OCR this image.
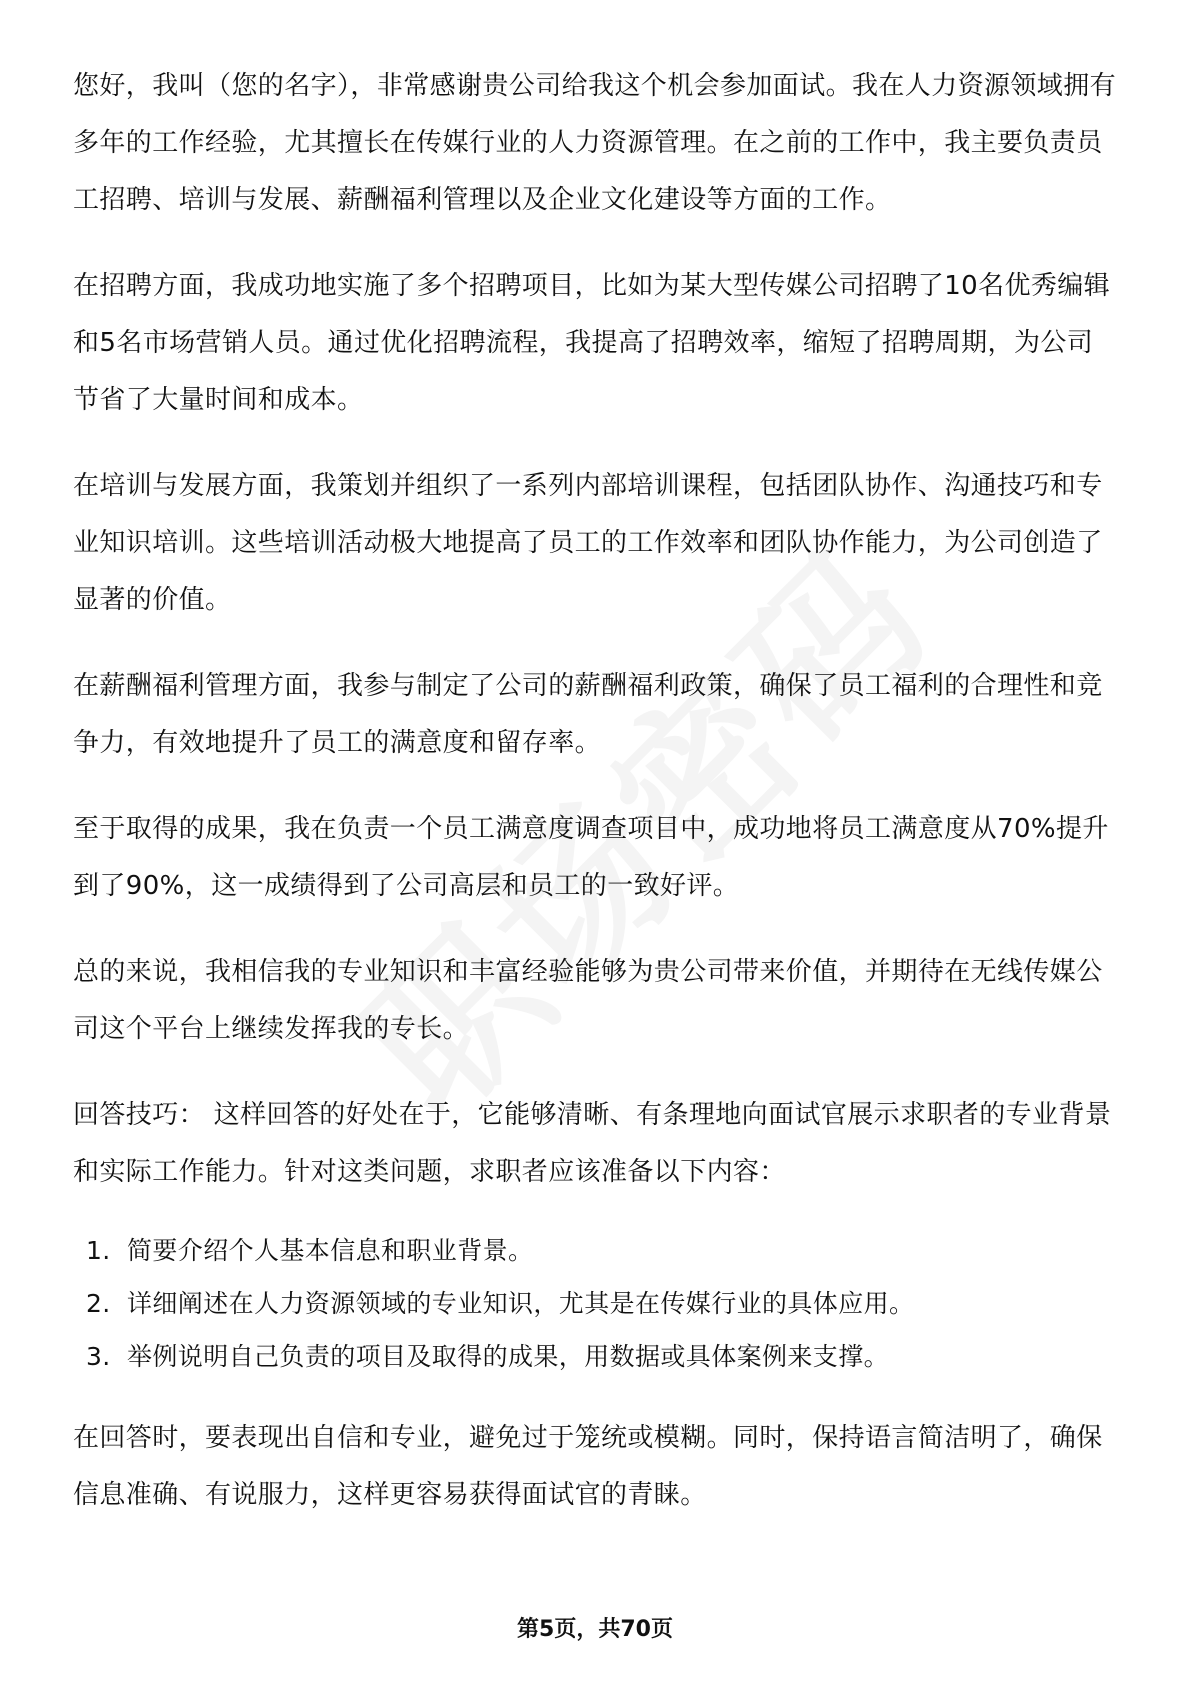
您好，我叫（您的名字），非常感谢贵公司给我这个机会参加面试。我在人力资源领域拥有多年的工作经验，尤其擅长在传媒行业的人力资源管理。在之前的工作中，我主要负责员工招聘、培训与发展、薪酬福利管理以及企业文化建设等方面的工作。

在招聘方面，我成功地实施了多个招聘项目，比如为某大型传媒公司招聘了10名优秀编辑和5名市场营销人员。通过优化招聘流程，我提高了招聘效率，缩短了招聘周期，为公司节省了大量时间和成本。

在培训与发展方面，我策划并组织了一系列内部培训课程，包括团队协作、沟通技巧和专业知识培训。这些培训活动极大地提高了员工的工作效率和团队协作能力，为公司创造了显著的价值。

在薪酬福利管理方面，我参与制定了公司的薪酬福利政策，确保了员工福利的合理性和竞争力，有效地提升了员工的满意度和留存率。

至于取得的成果，我在负责一个员工满意度调查项目中，成功地将员工满意度从70%提升到了90%，这一成绩得到了公司高层和员工的一致好评。

总的来说，我相信我的专业知识和丰富经验能够为贵公司带来价值，并期待在无线传媒公司这个平台上继续发挥我的专长。

回答技巧： 这样回答的好处在于，它能够清晰、有条理地向面试官展示求职者的专业背景和实际工作能力。针对这类问题，求职者应该准备以下内容：

1. 简要介绍个人基本信息和职业背景。
2. 详细阐述在人力资源领域的专业知识，尤其是在传媒行业的具体应用。
3. 举例说明自己负责的项目及取得的成果，用数据或具体案例来支撑。

在回答时，要表现出自信和专业，避免过于笼统或模糊。同时，保持语言简洁明了，确保信息准确、有说服力，这样更容易获得面试官的青睐。

第5页，共70页
